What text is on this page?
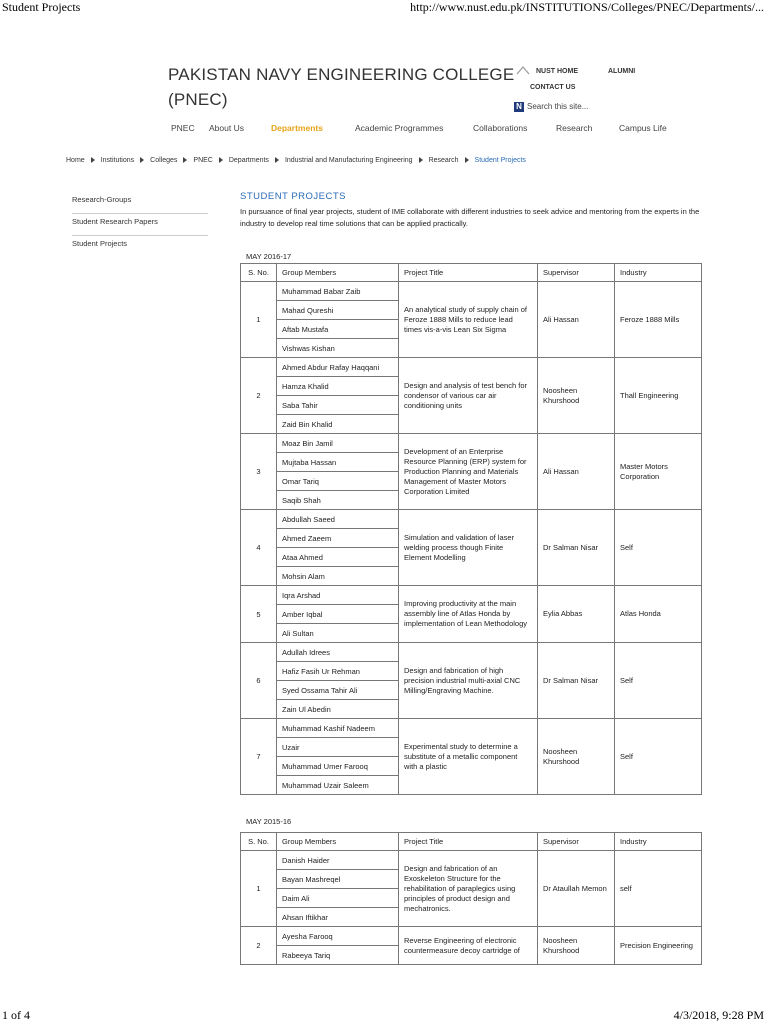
Student Projects	http://www.nust.edu.pk/INSTITUTIONS/Colleges/PNEC/Departments/...
PAKISTAN NAVY ENGINEERING COLLEGE
(PNEC)
NUST HOME	ALUMNI
CONTACT US
N Search this site...
PNEC About Us	Departments	Academic Programmes	Collaborations	Research	Campus Life
Home Institutions Colleges PNEC Departments Industrial and Manufacturing Engineering Research Student Projects
Research-Groups
Student Research Papers
Student Projects
STUDENT PROJECTS
In pursuance of final year projects, student of IME collaborate with different industries to seek advice and mentoring from the experts in the industry to develop real time solutions that can be applied practically.
MAY 2016-17
S. No.	Group Members	Project Title	Supervisor	Industry
1	Muhammad Babar Zaib	An analytical study of supply chain of Feroze 1888 Mills to reduce lead times vis-a-vis Lean Six Sigma	Ali Hassan	Feroze 1888 Mills
	Mahad Qureshi			
	Aftab Mustafa			
	Vishwas Kishan			
2	Ahmed Abdur Rafay Haqqani	Design and analysis of test bench for condensor of various car air conditioning units	Noosheen Khurshood	Thall Engineering
	Hamza Khalid			
	Saba Tahir			
	Zaid Bin Khalid			
3	Moaz Bin Jamil	Development of an Enterprise Resource Planning (ERP) system for Production Planning and Materials Management of Master Motors Corporation Limited	Ali Hassan	Master Motors Corporation
	Mujtaba Hassan			
	Omar Tariq			
	Saqib Shah			
4	Abdullah Saeed	Simulation and validation of laser welding process though Finite Element Modelling	Dr Salman Nisar	Self
	Ahmed Zaeem			
	Ataa Ahmed			
	Mohsin Alam			
5	Iqra Arshad	Improving productivity at the main assembly line of Atlas Honda by implementation of Lean Methodology	Eylia Abbas	Atlas Honda
	Amber Iqbal			
	Ali Sultan			
6	Adullah Idrees	Design and fabrication of high precision industrial multi-axial CNC Milling/Engraving Machine.	Dr Salman Nisar	Self
	Hafiz Fasih Ur Rehman			
	Syed Ossama Tahir Ali			
	Zain Ul Abedin			
7	Muhammad Kashif Nadeem	Experimental study to determine a substitute of a metallic component with a plastic	Noosheen Khurshood	Self
	Uzair			
	Muhammad Umer Farooq			
	Muhammad Uzair Saleem			
MAY 2015-16
S. No.	Group Members	Project Title	Supervisor	Industry
1	Danish Haider	Design and fabrication of an Exoskeleton Structure for the rehabilitation of paraplegics using principles of product design and mechatronics.	Dr Ataullah Memon	self
	Bayan Mashreqel			
	Daim Ali			
	Ahsan Iftikhar			
2	Ayesha Farooq	Reverse Engineering of electronic countermeasure decoy cartridge of	Noosheen Khurshood	Precision Engineering
	Rabeeya Tariq			
1 of 4	4/3/2018, 9:28 PM
